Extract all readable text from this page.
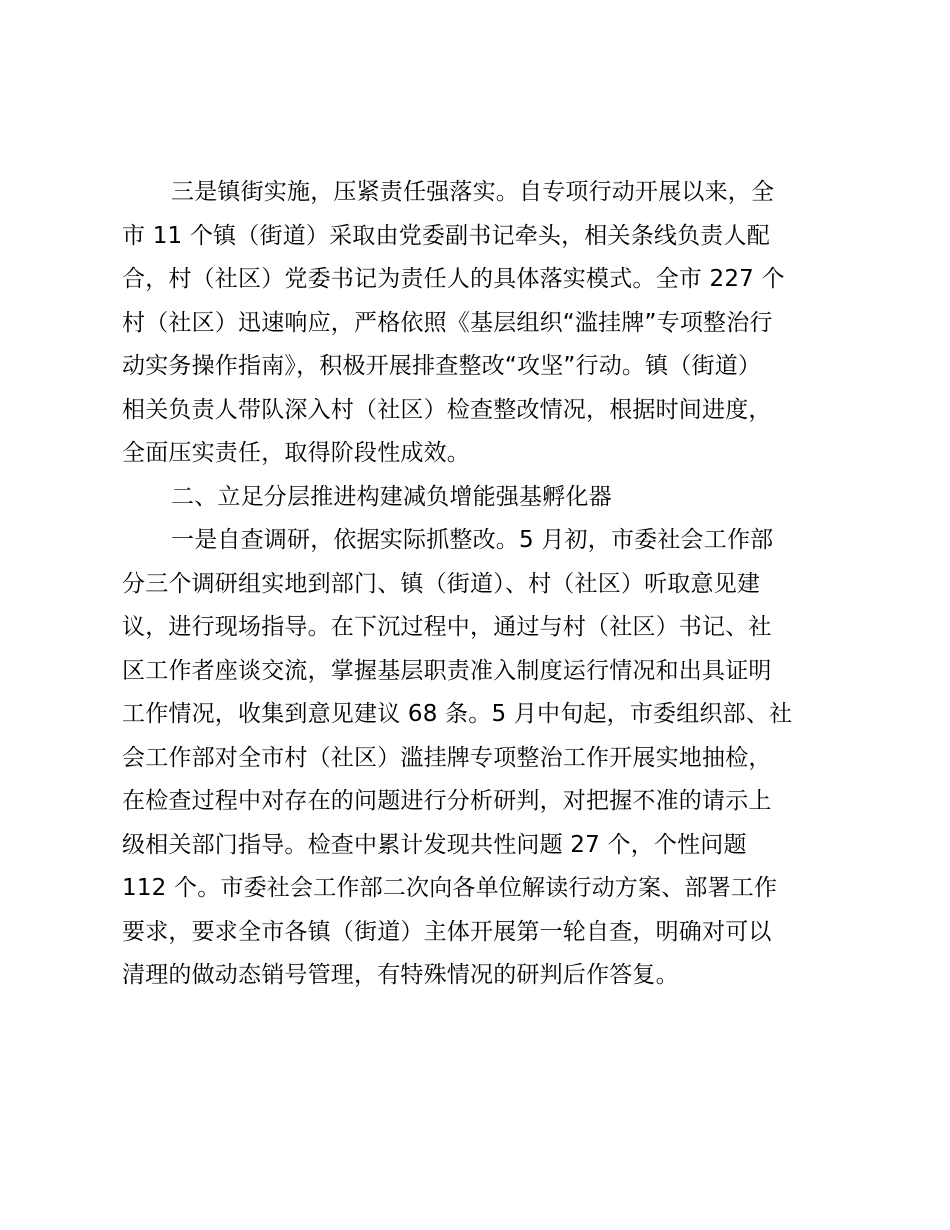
三是镇街实施，压紧责任强落实。自专项行动开展以来，全
市 11 个镇（街道）采取由党委副书记牵头，相关条线负责人配
合，村（社区）党委书记为责任人的具体落实模式。全市 227 个
村（社区）迅速响应，严格依照《基层组织“滥挂牌”专项整治行
动实务操作指南》，积极开展排查整改“攻坚”行动。镇（街道）
相关负责人带队深入村（社区）检查整改情况，根据时间进度，
全面压实责任，取得阶段性成效。
二、立足分层推进构建减负增能强基孵化器
一是自查调研，依据实际抓整改。5 月初，市委社会工作部
分三个调研组实地到部门、镇（街道）、村（社区）听取意见建
议，进行现场指导。在下沉过程中，通过与村（社区）书记、社
区工作者座谈交流，掌握基层职责准入制度运行情况和出具证明
工作情况，收集到意见建议 68 条。5 月中旬起，市委组织部、社
会工作部对全市村（社区）滥挂牌专项整治工作开展实地抽检，
在检查过程中对存在的问题进行分析研判，对把握不准的请示上
级相关部门指导。检查中累计发现共性问题 27 个，个性问题
112 个。市委社会工作部二次向各单位解读行动方案、部署工作
要求，要求全市各镇（街道）主体开展第一轮自查，明确对可以
清理的做动态销号管理，有特殊情况的研判后作答复。
